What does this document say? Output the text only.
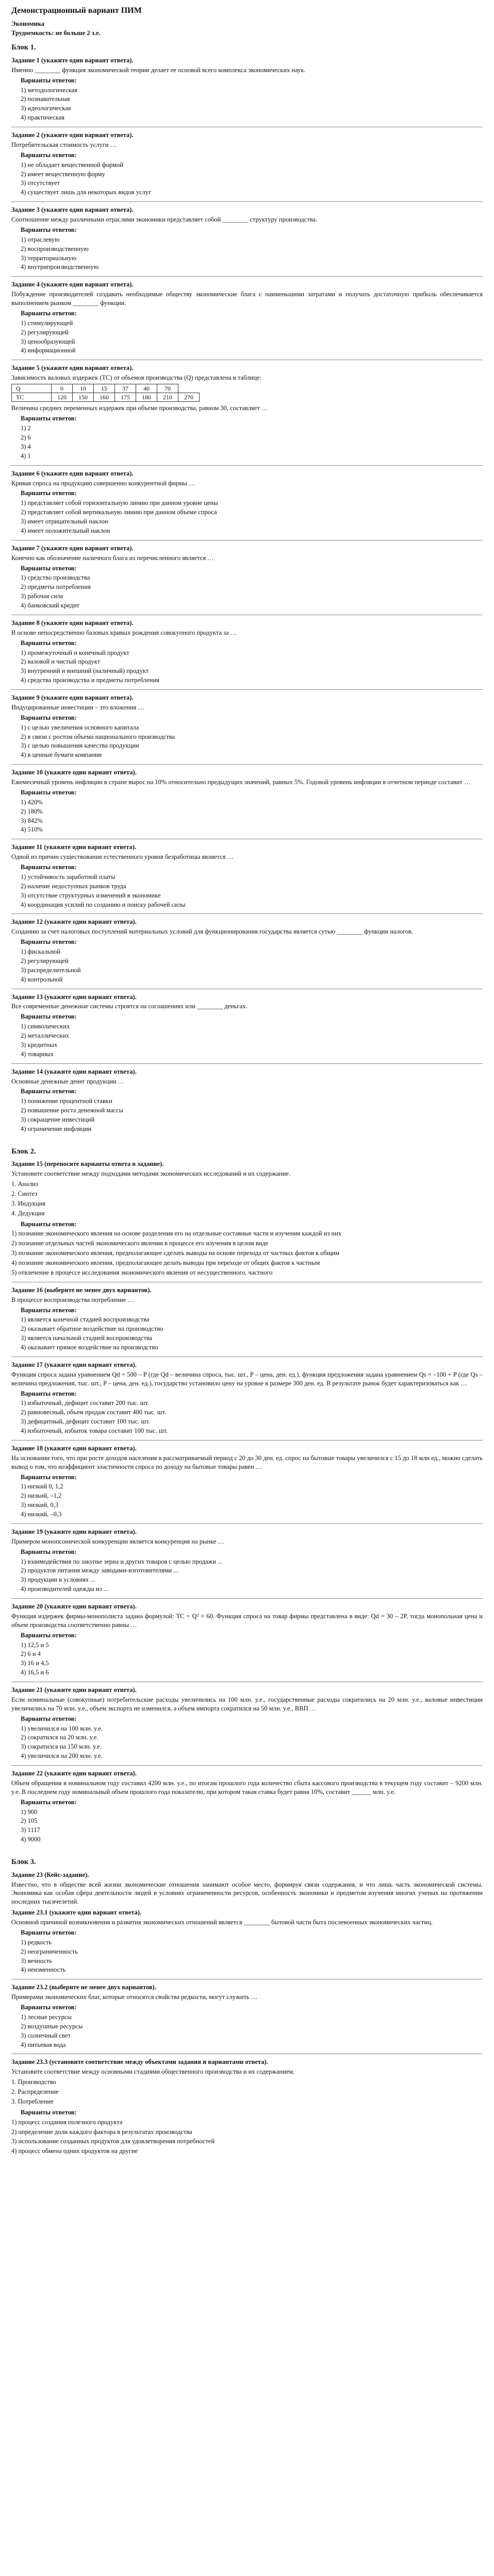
Демонстрационный вариант ПИМ
Экономика
Трудоемкость: не больше 2 з.е.
Блок 1.
Задание 1 (укажите один вариант ответа).
Именно ________ функция экономической теории делает ее основой всего комплекса экономических наук.
Варианты ответов:
1) методологическая
2) познавательная
3) идеологическая
4) практическая
Задание 2 (укажите один вариант ответа).
Потребительская стоимость услуги …
Варианты ответов:
1) не обладает вещественной формой
2) имеет вещественную форму
3) отсутствует
4) существует лишь для некоторых видов услуг
Задание 3 (укажите один вариант ответа).
Соотношение между различными отраслями экономики представляет собой ________ структуру производства.
Варианты ответов:
1) отраслевую
2) воспроизводственную
3) территориальную
4) внутрипроизводственную
Задание 4 (укажите один вариант ответа).
Побуждение производителей создавать необходимые обществу экономические блага с наименьшими затратами и получать достаточную прибыль обеспечивается выполнением рынком ________ функции.
Варианты ответов:
1) стимулирующей
2) регулирующей
3) ценообразующей
4) информационной
Задание 5 (укажите один вариант ответа).
Зависимость валовых издержек (TC) от объемов производства (Q) представлена в таблице:
Q	0	10	15	37	40	70	
TC	120	150	160	175	180	210	270
Величина средних переменных издержек при объеме производства, равном 30, составляет …
Варианты ответов:
1) 2
2) 6
3) 4
4) 1
Задание 6 (укажите один вариант ответа).
Кривая спроса на продукцию совершенно конкурентной фирмы …
Варианты ответов:
1) представляет собой горизонтальную линию при данном уровне цены
2) представляет собой вертикальную линию при данном объеме спроса
3) имеет отрицательный наклон
4) имеет положительный наклон
Задание 7 (укажите один вариант ответа).
Конечно как обозначение наличного блага из перечисленного является …
Варианты ответов:
1) средство производства
2) предметы потребления
3) рабочая сила
4) банковский кредит
Задание 8 (укажите один вариант ответа).
В основе непосредственно базовых кривых рождения совокупного продукта за …
Варианты ответов:
1) промежуточный и конечный продукт
2) валовой и чистый продукт
3) внутренний и внешний (наличный) продукт
4) средства производства и предметы потребления
Задание 9 (укажите один вариант ответа).
Индуцированные инвестиции – это вложения …
Варианты ответов:
1) с целью увеличения основного капитала
2) в связи с ростом объема национального производства
3) с целью повышения качества продукции
4) в ценные бумаги компании
Задание 10 (укажите один вариант ответа).
Ежемесячный уровень инфляции в стране вырос на 10% относительно предыдущих значений, равных 5%. Годовой уровень инфляции в отчетном периоде составит …
Варианты ответов:
1) 420%
2) 180%
3) 842%
4) 510%
Задание 11 (укажите один вариант ответа).
Одной из причин существования естественного уровня безработицы является …
Варианты ответов:
1) устойчивость заработной платы
2) наличие недоступных рынков труда
3) отсутствие структурных изменений в экономике
4) координация усилий по созданию и поиску рабочей силы
Задание 12 (укажите один вариант ответа).
Созданию за счет налоговых поступлений материальных условий для функционирования государства является сутью ________ функции налогов.
Варианты ответов:
1) фискальной
2) регулирующей
3) распределительной
4) контрольной
Задание 13 (укажите один вариант ответа).
Все современные денежные системы строятся на соглашениях или ________ деньгах.
Варианты ответов:
1) символических
2) металлических
3) кредитных
4) товарных
Задание 14 (укажите один вариант ответа).
Основные денежные денег продукции …
Варианты ответов:
1) понижение процентной ставки
2) повышение роста денежной массы
3) сокращение инвестиций
4) ограничение инфляции
Блок 2.
Задание 15 (переносите варианты ответа в задание).
Установите соответствие между подходами методами экономических исследований и их содержание.
1. Анализ
2. Синтез
3. Индукция
4. Дедукция
Варианты ответов:
1) познание экономического явления на основе разделения его на отдельные составные части и изучения каждой из них
2) познание отдельных частей экономического явления в процессе его изучения в целом виде
3) познание экономического явления, предполагающее сделать выводы на основе перехода от частных фактов к общим
4) познание экономического явления, предполагающее делать выводы при переходе от общих фактов к частным
5) отвлечение в процессе исследования экономического явления от несущественного, частного
Задание 16 (выберите не менее двух вариантов).
В процессе воспроизводства потребление …
Варианты ответов:
1) является конечной стадией воспроизводства
2) оказывает обратное воздействие на производство
3) является начальной стадией воспроизводства
4) оказывает прямое воздействие на производство
Задание 17 (укажите один вариант ответа).
Функция спроса задана уравнением Qd = 500 – P (где Qd – величина спроса, тыс. шт., P – цена, ден. ед.), функция предложения задана уравнением Qs = –100 + P (где Qs – величина предложения, тыс. шт., P – цена, ден. ед.), государство установило цену на уровне в размере 300 ден. ед. В результате рынок будет характеризоваться как …
Варианты ответов:
1) избыточный, дефицит составит 200 тыс. шт.
2) равновесный, объем продаж составит 400 тыс. шт.
3) дефицитный, дефицит составит 100 тыс. шт.
4) избыточный, избыток товара составит 100 тыс. шт.
Задание 18 (укажите один вариант ответа).
На основании того, что при росте доходов населения в рассматриваемый период с 20 до 30 ден. ед. спрос на бытовые товары увеличился с 15 до 18 млн ед., можно сделать вывод о том, что коэффициент эластичности спроса по доходу на бытовые товары равен …
Варианты ответов:
1) низкий 0, 1,2
2) низкий, –1,2
3) низкий, 0,3
4) низкий, –0,3
Задание 19 (укажите один вариант ответа).
Примером монопсонической конкуренции является конкуренция на рынке …
Варианты ответов:
1) взаимодействия по закупке зерна и других товаров с целью продажи ...
2) продуктов питания между заводами-изготовителями ...
3) продукции в условиях ...
4) производителей одежды из ...
Задание 20 (укажите один вариант ответа).
Функция издержек фирмы-монополиста задана формулой: TC = Q² + 60. Функция спроса на товар фирмы представлена в виде: Qd = 30 – 2P, тогда монопольная цена и объем производства соответственно равны …
Варианты ответов:
1) 12,5 и 5
2) 6 и 4
3) 16 и 4,5
4) 16,5 и 6
Задание 21 (укажите один вариант ответа).
Если номинальные (совокупные) потребительские расходы увеличились на 100 млн. у.е., государственные расходы сократились на 20 млн. у.е., валовые инвестиции увеличились на 70 млн. у.е., объем экспорта не изменился, а объем импорта сократился на 50 млн. у.е., ВВП …
Варианты ответов:
1) увеличился на 100 млн. у.е.
2) сократился на 20 млн. у.е.
3) сократился на 150 млн. у.е.
4) увеличился на 200 млн. у.е.
Задание 22 (укажите один вариант ответа).
Объем обращения в номинальном году составил 4200 млн. у.е., по итогам прошлого года количество сбыта кассового производства в текущем году составит – 9200 млн. у.е. В последнем году номинальный объем прошлого года показателю, при котором такая ставка будет равна 10%, составит ______ млн. у.е.
Варианты ответов:
1) 900
2) 105
3) 1117
4) 9000
Блок 3.
Задание 23 (Кейс-задание).
Известно, что в обществе всей жизни экономические отношения занимают особое место, формируя связи содержания, и что лишь часть экономической системы. Экономика как особая сфера деятельности людей в условиях ограниченности ресурсов, особенность экономики и предметом изучения многих ученых на протяжении последних тысячелетий.
Задание 23.1 (укажите один вариант ответа).
Основной причиной возникновения и развития экономических отношений является ________ бытовой части быта послевоенных экономических частиц.
Варианты ответов:
1) редкость
2) неограниченность
3) вечность
4) неизменность
Задание 23.2 (выберите не менее двух вариантов).
Примерами экономических благ, которые относятся свойства редкости, могут служить …
Варианты ответов:
1) лесные ресурсы
2) воздушные ресурсы
3) солнечный свет
4) питьевая вода
Задание 23.3 (установите соответствие между объектами задания и вариантами ответа).
Установите соответствие между основными стадиями общественного производства и их содержанием.
1. Производство
2. Распределение
3. Потребление
Варианты ответов:
1) процесс создания полезного продукта
2) определение доли каждого фактора в результатах производства
3) использование созданных продуктов для удовлетворения потребностей
4) процесс обмена одних продуктов на другие
